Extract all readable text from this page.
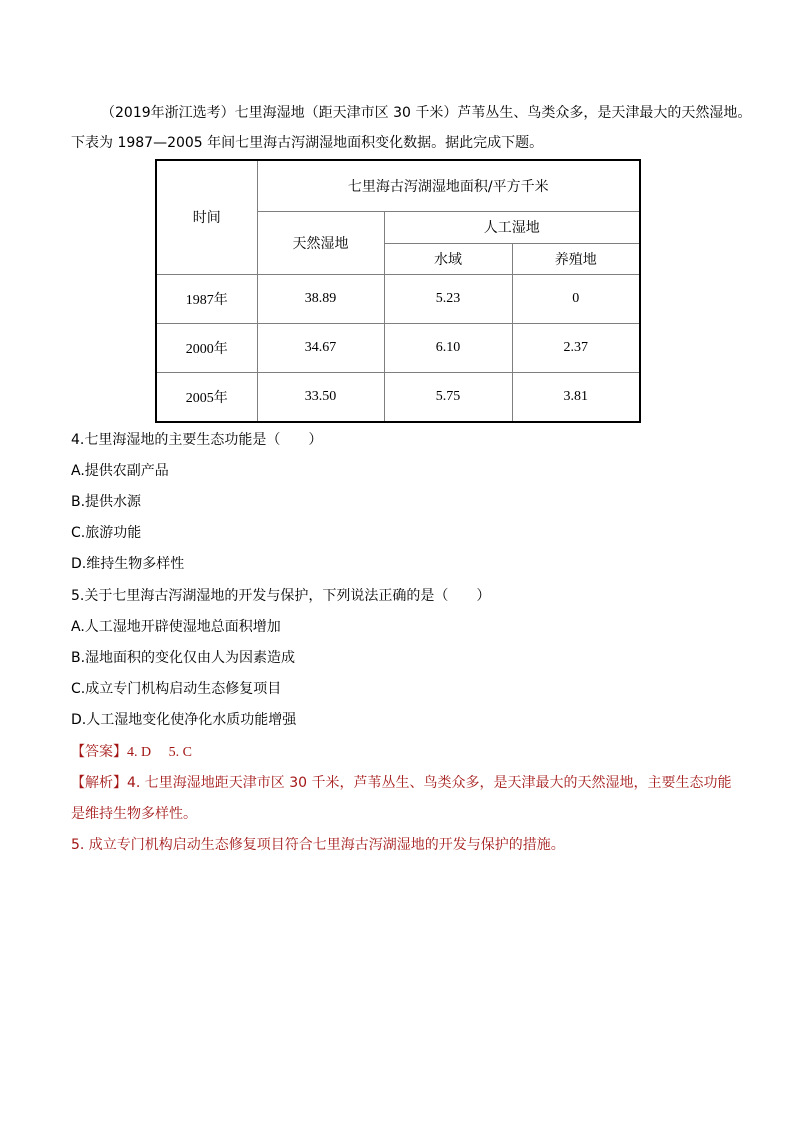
（2019年浙江选考）七里海湿地（距天津市区 30 千米）芦苇丛生、鸟类众多，是天津最大的天然湿地。
下表为 1987—2005 年间七里海古泻湖湿地面积变化数据。据此完成下题。
时间	七里海古泻湖湿地面积/平方千米		
	天然湿地	人工湿地	
		水域	养殖地
1987年	38.89	5.23	0
2000年	34.67	6.10	2.37
2005年	33.50	5.75	3.81
4.七里海湿地的主要生态功能是（　　）
A.提供农副产品
B.提供水源
C.旅游功能
D.维持生物多样性
5.关于七里海古泻湖湿地的开发与保护，下列说法正确的是（　　）
A.人工湿地开辟使湿地总面积增加
B.湿地面积的变化仅由人为因素造成
C.成立专门机构启动生态修复项目
D.人工湿地变化使净化水质功能增强
【答案】4. D　 5. C
【解析】4. 七里海湿地距天津市区 30 千米，芦苇丛生、鸟类众多，是天津最大的天然湿地，主要生态功能
是维持生物多样性。
5. 成立专门机构启动生态修复项目符合七里海古泻湖湿地的开发与保护的措施。
